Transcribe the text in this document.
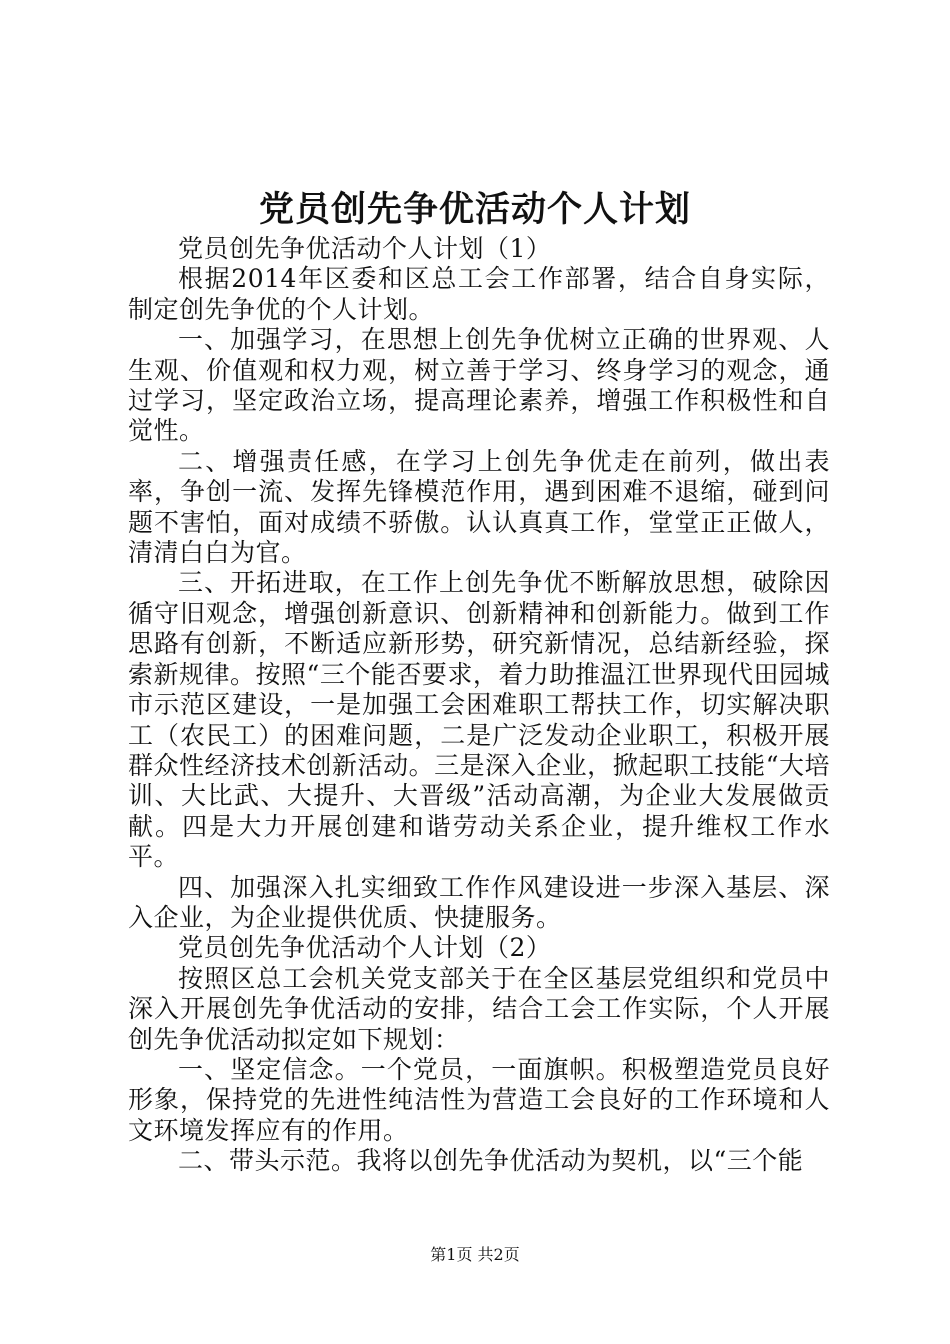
党员创先争优活动个人计划

党员创先争优活动个人计划（1）

根据2014年区委和区总工会工作部署，结合自身实际，制定创先争优的个人计划。

一、加强学习，在思想上创先争优树立正确的世界观、人生观、价值观和权力观，树立善于学习、终身学习的观念，通过学习，坚定政治立场，提高理论素养，增强工作积极性和自觉性。

二、增强责任感，在学习上创先争优走在前列，做出表率，争创一流、发挥先锋模范作用，遇到困难不退缩，碰到问题不害怕，面对成绩不骄傲。认认真真工作，堂堂正正做人，清清白白为官。

三、开拓进取，在工作上创先争优不断解放思想，破除因循守旧观念，增强创新意识、创新精神和创新能力。做到工作思路有创新，不断适应新形势，研究新情况，总结新经验，探索新规律。按照“三个能否要求，着力助推温江世界现代田园城市示范区建设，一是加强工会困难职工帮扶工作，切实解决职工（农民工）的困难问题，二是广泛发动企业职工，积极开展群众性经济技术创新活动。三是深入企业，掀起职工技能“大培训、大比武、大提升、大晋级”活动高潮，为企业大发展做贡献。四是大力开展创建和谐劳动关系企业，提升维权工作水平。

四、加强深入扎实细致工作作风建设进一步深入基层、深入企业，为企业提供优质、快捷服务。

党员创先争优活动个人计划（2）

按照区总工会机关党支部关于在全区基层党组织和党员中深入开展创先争优活动的安排，结合工会工作实际，个人开展创先争优活动拟定如下规划：

一、坚定信念。一个党员，一面旗帜。积极塑造党员良好形象，保持党的先进性纯洁性为营造工会良好的工作环境和人文环境发挥应有的作用。

二、带头示范。我将以创先争优活动为契机，以“三个能

第1页 共2页
